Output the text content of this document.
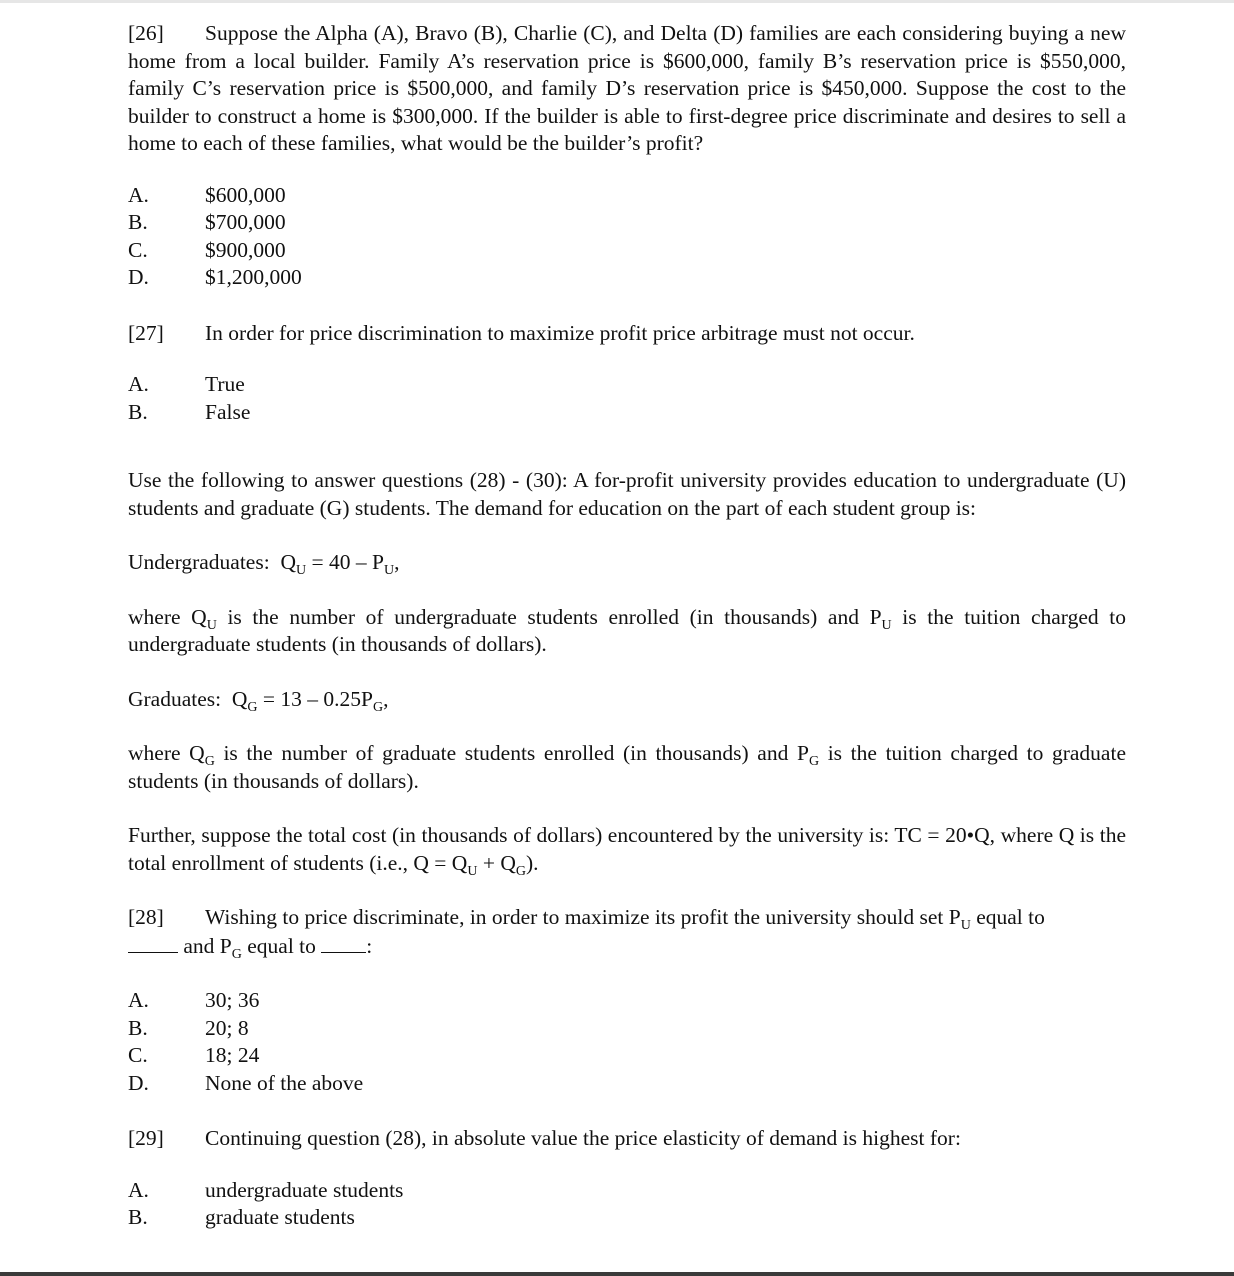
[26] Suppose the Alpha (A), Bravo (B), Charlie (C), and Delta (D) families are each considering buying a new home from a local builder. Family A’s reservation price is $600,000, family B’s reservation price is $550,000, family C’s reservation price is $500,000, and family D’s reservation price is $450,000. Suppose the cost to the builder to construct a home is $300,000. If the builder is able to first-degree price discriminate and desires to sell a home to each of these families, what would be the builder’s profit?
A.	$600,000
B.	$700,000
C.	$900,000
D.	$1,200,000
[27]	In order for price discrimination to maximize profit price arbitrage must not occur.
A.	True
B.	False
Use the following to answer questions (28) - (30): A for-profit university provides education to undergraduate (U) students and graduate (G) students. The demand for education on the part of each student group is:
Undergraduates: $Q_U = 40 - P_U$,
where $Q_U$ is the number of undergraduate students enrolled (in thousands) and $P_U$ is the tuition charged to undergraduate students (in thousands of dollars).
Graduates: $Q_G = 13 - 0.25P_G$,
where $Q_G$ is the number of graduate students enrolled (in thousands) and $P_G$ is the tuition charged to graduate students (in thousands of dollars).
Further, suppose the total cost (in thousands of dollars) encountered by the university is: TC = 20•Q, where Q is the total enrollment of students (i.e., $Q = Q_U + Q_G$).
[28] Wishing to price discriminate, in order to maximize its profit the university should set $P_U$ equal to
and $P_G$ equal to :
A.	30; 36
B.	20; 8
C.	18; 24
D.	None of the above
[29]	Continuing question (28), in absolute value the price elasticity of demand is highest for:
A.	undergraduate students
B.	graduate students
